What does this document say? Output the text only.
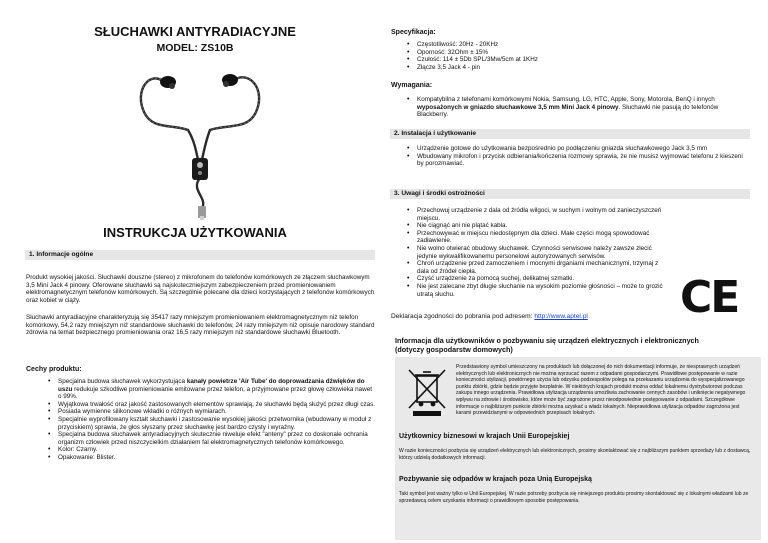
SŁUCHAWKI ANTYRADIACYJNE
MODEL: ZS10B
INSTRUKCJA UŻYTKOWANIA
1. Informacje ogólne
Produkt wysokiej jakości. Słuchawki douszne (stereo) z mikrofonem do telefonów komórkowych ze złączem słuchawkowym 3,5 Mini Jack 4 pinowy. Oferowane słuchawki są najskuteczniejszym zabezpieczeniem przed promieniowaniem elektromagnetycznym telefonów komórkowych. Są szczególnie polecane dla dzieci korzystających z telefonów komórkowych oraz kobiet w ciąży.
Słuchawki antyradiacyjne charakteryzują się 35417 razy mniejszym promieniowaniem elektromagnetycznym niż telefon komórkowy, 54,2 razy mniejszym niż standardowe słuchawki do telefonów, 24 razy mniejszym niż opisuje narodowy standard zdrowia na temat bezpiecznego promieniowania oraz 16,5 razy mniejszym niż standardowe słuchawki Bluetooth.
Cechy produktu:
• Specjalna budowa słuchawek wykorzystująca kanały powietrze 'Air Tube' do doprowadzania dźwięków do uszu redukuje szkodliwe promieniowanie emitowane przez telefon, a przyjmowane przez głowę człowieka nawet o 99%.
• Wyjątkowa trwałość oraz jakość zastosowanych elementów sprawiają, że słuchawki będą służyć przez długi czas.
• Posiada wymienne silikonowe wkładki o różnych wymiarach.
• Specjalnie wyprofilowany kształt słuchawki i zastosowanie wysokiej jakości przetwornika (wbudowany w moduł z przyciskiem) sprawia, że głos słyszany przez słuchawkę jest bardzo czysty i wyraźny.
• Specjalna budowa słuchawek antyradiacyjnych skutecznie niweluje efekt "anteny" przez co doskonale ochrania organizm człowiek przed niszczycielkim działaniem fal elektromagnetycznych telefonów komórkowego.
• Kolor: Czarny.
• Opakowanie: Blister.
Specyfikacja:
• Częstotliwość: 20Hz - 20KHz
• Oporność: 32Ohm ± 15%
• Czułość: 114 ± 5Db SPL/3Mw/5cm at 1KHz
• Złącze 3,5 Jack 4 - pin
Wymagania:
• Kompatybilna z telefonami komórkowymi Nokia, Samsung, LG, HTC, Apple, Sony, Motorola, BenQ i innych wyposażonych w gniazdo słuchawkowe 3,5 mm Mini Jack 4 pinowy. Słuchawki nie pasują do telefonów Blackberry.
2. Instalacja i użytkowanie
• Urządzenie gotowe do użytkowania bezpośrednio po podłączeniu gniazda słuchawkowego Jack 3,5 mm
• Wbudowany mikrofon i przycisk odbierania/kończenia rozmowy sprawia, że nie musisz wyjmować telefonu z kieszeni by porozmawiać.
3. Uwagi i środki ostrożności
• Przechowuj urządzenie z dala od źródła wilgoci, w suchym i wolnym od zanieczyszczeń miejscu.
• Nie ciągnąć ani nie plątać kabla.
• Przechowywać w miejscu niedostępnym dla dzieci. Małe części mogą spowodować zadławienie.
• Nie wolno otwierać obudowy słuchawek. Czynności serwisowe należy zawsze zlecić jedynie wykwalifikowanemu personelowi autoryzowanych serwisów.
• Chroń urządzenie przed zamoczeniem i mocnymi drganiami mechanicznymi, trzymaj z dala od źródeł ciepła.
• Czyść urządzenie za pomocą suchej, delikatnej szmatki.
• Nie jest zalecane zbyt długie słuchanie na wysokim poziomie głośności – może to grozić utratą słuchu.	CE
Deklaracja zgodności do pobrania pod adresem: http://www.aptel.pl
Informacja dla użytkowników o pozbywaniu się urządzeń elektrycznych i elektronicznych (dotyczy gospodarstw domowych)
Przedstawiony symbol umieszczony na produktach lub dołączonej do nich dokumentacji informuje, że niesprawnych urządzeń elektrycznych lub elektronicznych nie można wyrzucać razem z odpadami gospodarczymi. Prawidłowe postępowanie w razie konieczności utylizacji, powtórnego użycia lub odzysku podzespołów polega na przekazaniu urządzenia do wyspecjalizowanego punktu zbiórki, gdzie będzie przyjęte bezpłatnie. W niektórych krajach produkt można oddać lokalnemu dystrybutorowi podczas zakupu innego urządzenia. Prawidłowa utylizacja urządzenia umożliwia zachowanie cennych zasobów i uniknięcie negatywnego wpływu na zdrowie i środowisko, które może być zagrożone przez nieodpowiednie postępowanie z odpadami. Szczegółowe informacje o najbliższym punkcie zbiórki można uzyskać u władz lokalnych. Nieprawidłowa utylizacja odpadów zagrożona jest karami przewidzianymi w odpowiednich przepisach lokalnych.
Użytkownicy biznesowi w krajach Unii Europejskiej
W razie konieczności pozbycia się urządzeń elektrycznych lub elektronicznych, prosimy skontaktować się z najbliższym punktem sprzedaży lub z dostawcą, którzy udzielą dodatkowych informacji.
Pozbywanie się odpadów w krajach poza Unią Europejską
Taki symbol jest ważny tylko w Unii Europejskej. W razie potrzeby pozbycia się niniejszego produktu prosimy skontaktować się z lokalnymi władzami lub ze sprzedawcą celem uzyskania informacji o prawidłowym sposobie postępowania.
